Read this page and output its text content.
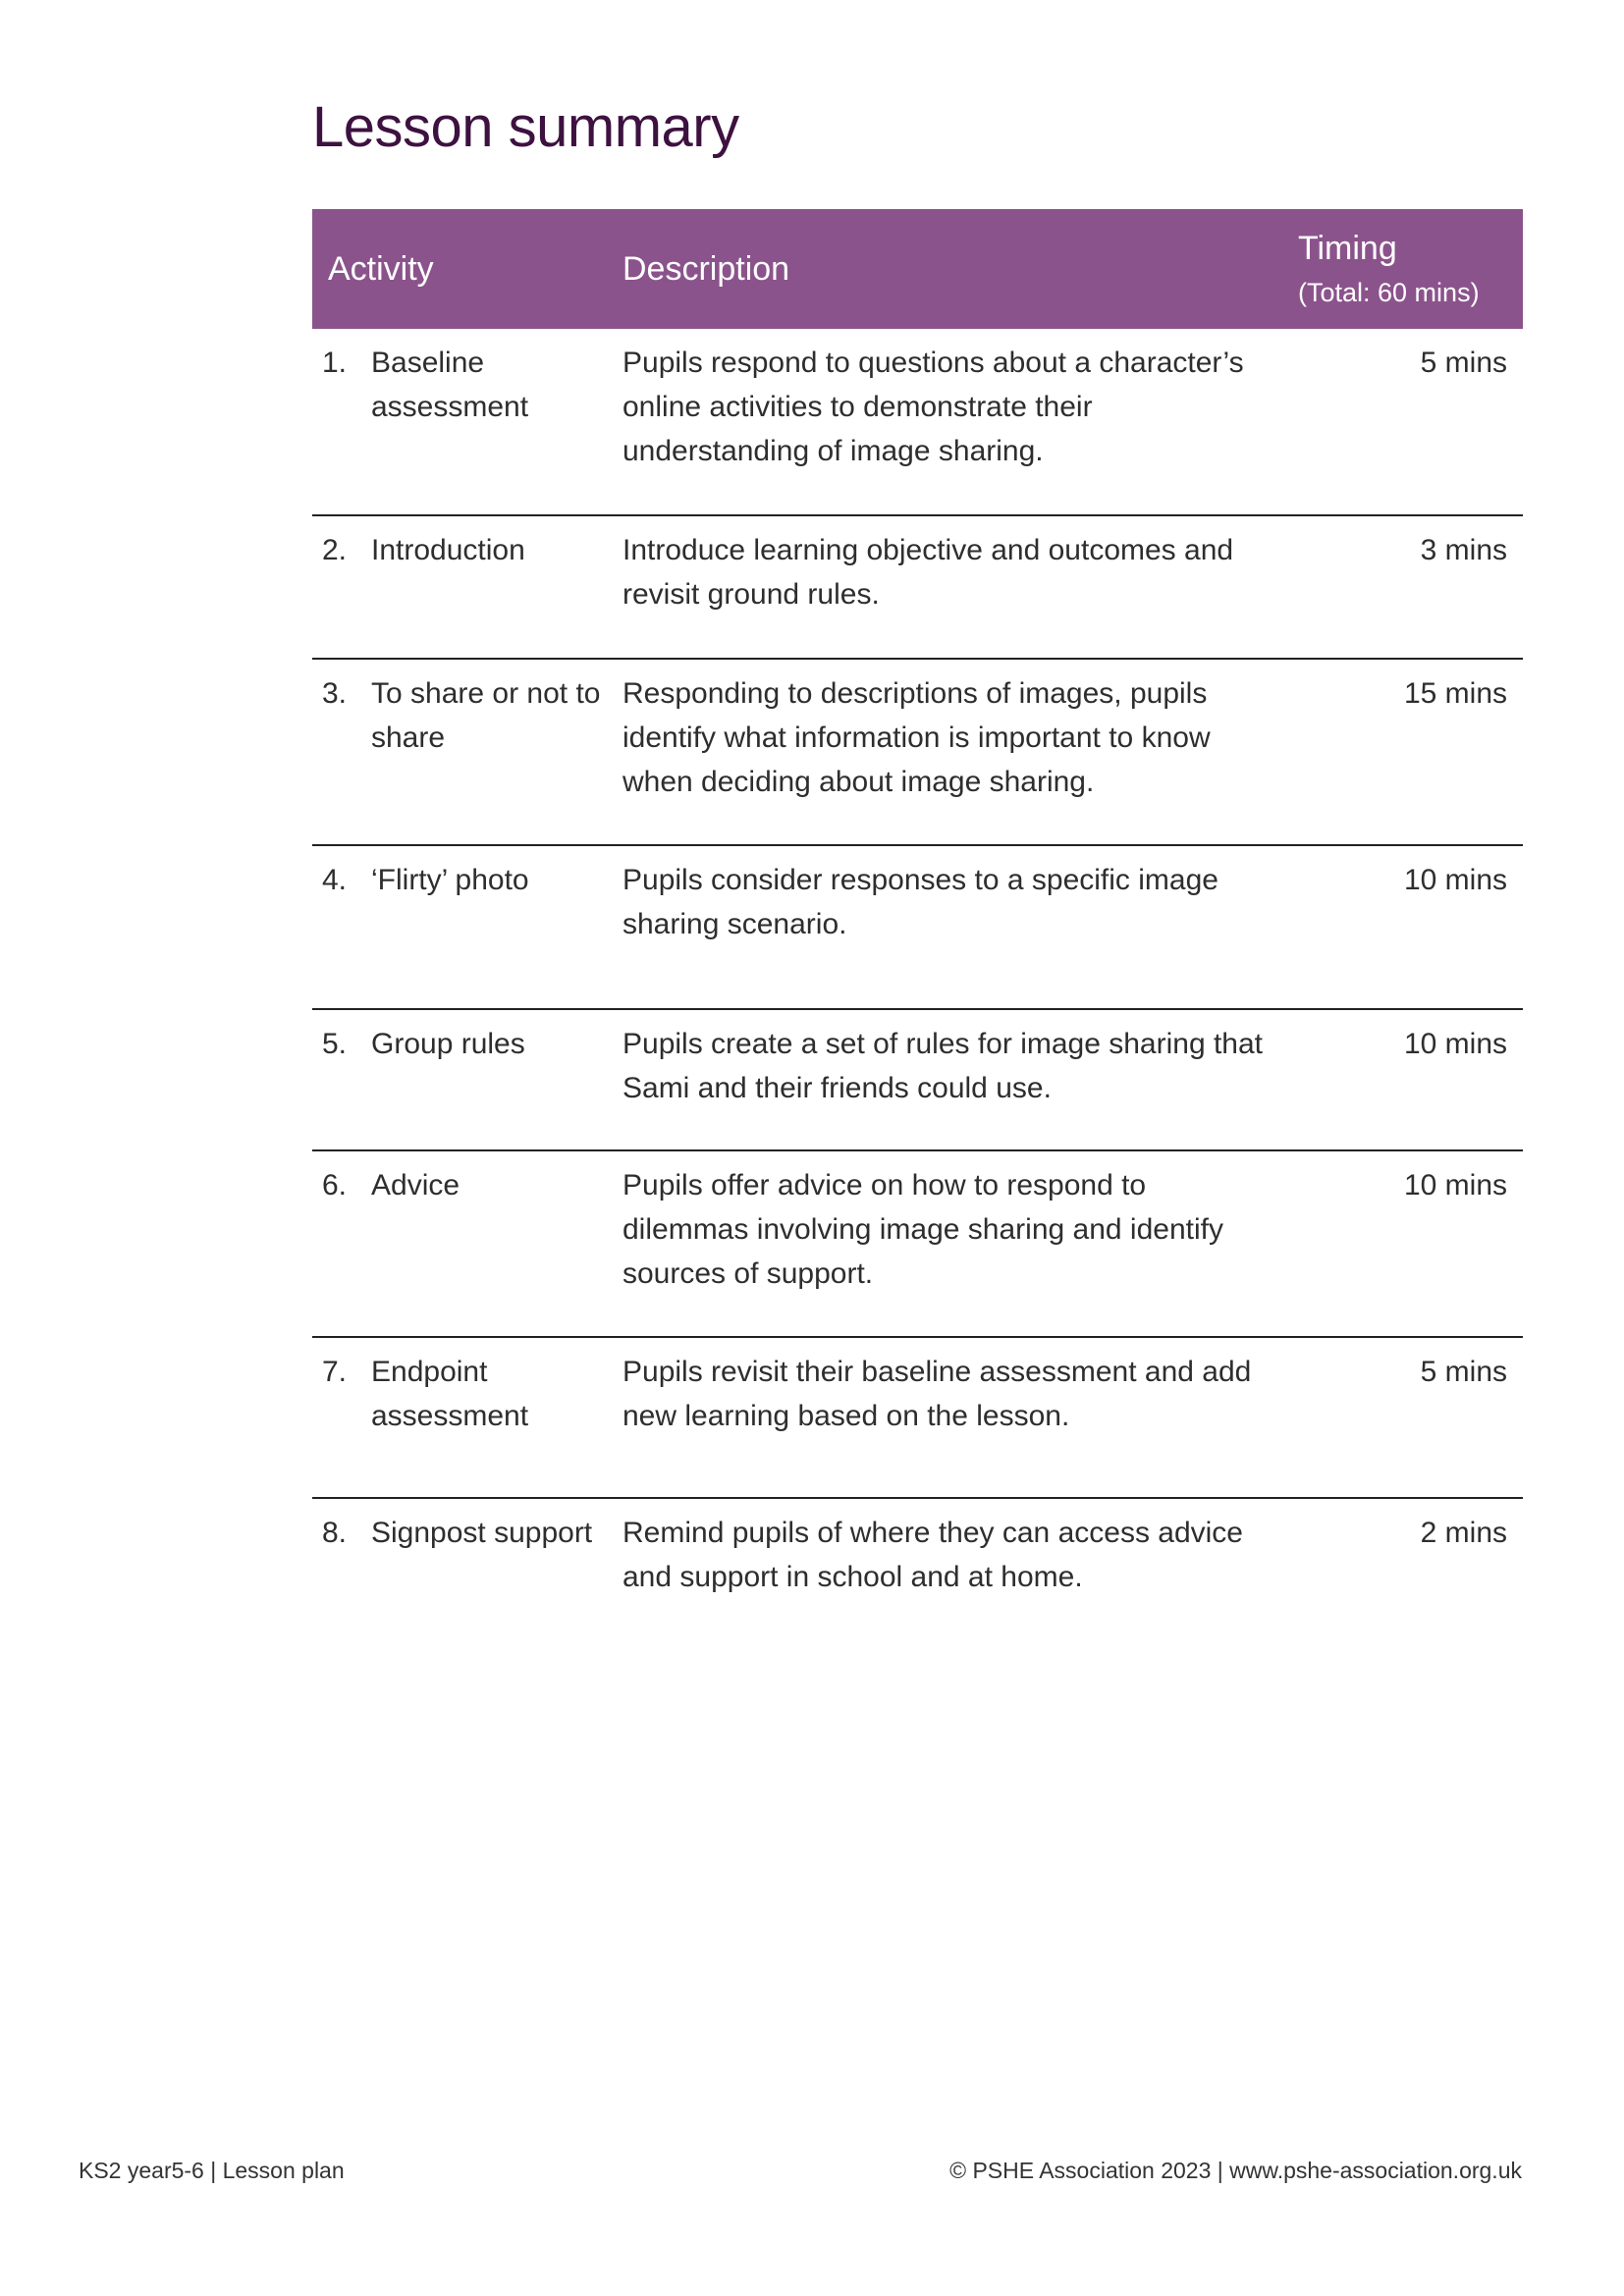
Lesson summary
Activity	Description	Timing
(Total: 60 mins)

1. Baseline assessment	Pupils respond to questions about a character’s online activities to demonstrate their understanding of image sharing.	5 mins

2. Introduction	Introduce learning objective and outcomes and revisit ground rules.	3 mins

3. To share or not to share	Responding to descriptions of images, pupils identify what information is important to know when deciding about image sharing.	15 mins

4. ‘Flirty’ photo	Pupils consider responses to a specific image sharing scenario.	10 mins

5. Group rules	Pupils create a set of rules for image sharing that Sami and their friends could use.	10 mins

6. Advice	Pupils offer advice on how to respond to dilemmas involving image sharing and identify sources of support.	10 mins

7. Endpoint assessment	Pupils revisit their baseline assessment and add new learning based on the lesson.	5 mins

8. Signpost support	Remind pupils of where they can access advice and support in school and at home.	2 mins
KS2 year5-6 | Lesson plan	© PSHE Association 2023 | www.pshe-association.org.uk
